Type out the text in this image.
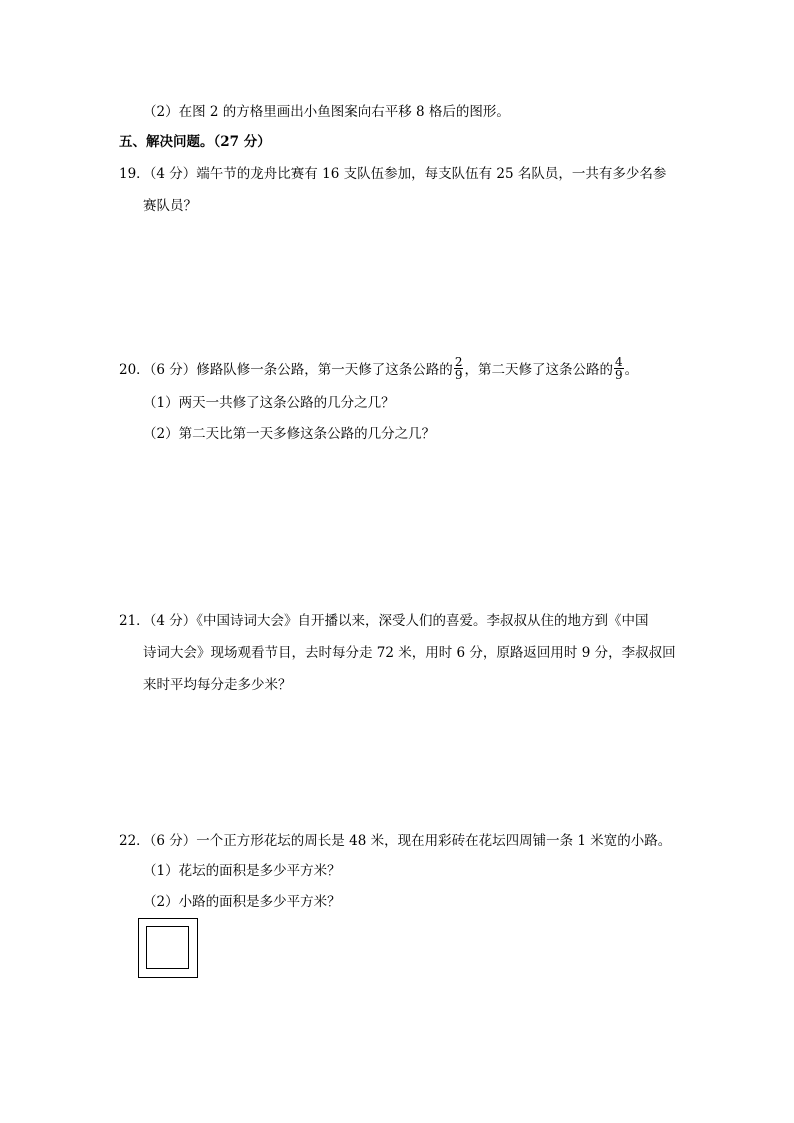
（2）在图 2 的方格里画出小鱼图案向右平移 8 格后的图形。
五、解决问题。（27 分）
19．（4 分）端午节的龙舟比赛有 16 支队伍参加，每支队伍有 25 名队员，一共有多少名参
赛队员？
20．（6 分）修路队修一条公路，第一天修了这条公路的 $\frac{2}{9}$ ，第二天修了这条公路的 $\frac{4}{9}$ 。
（1）两天一共修了这条公路的几分之几？
（2）第二天比第一天多修这条公路的几分之几？
21．（4 分）《中国诗词大会》自开播以来，深受人们的喜爱。李叔叔从住的地方到《中国
诗词大会》现场观看节目，去时每分走 72 米，用时 6 分，原路返回用时 9 分，李叔叔回
来时平均每分走多少米？
22．（6 分）一个正方形花坛的周长是 48 米，现在用彩砖在花坛四周铺一条 1 米宽的小路。
（1）花坛的面积是多少平方米？
（2）小路的面积是多少平方米？
